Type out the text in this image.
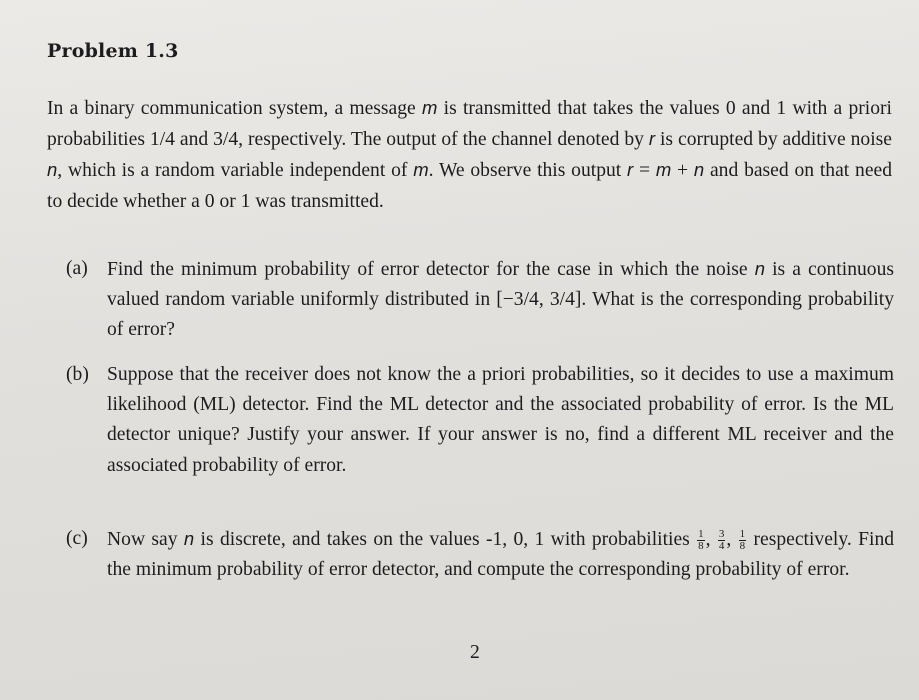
Problem 1.3
In a binary communication system, a message m is transmitted that takes the values 0 and 1 with a priori probabilities 1/4 and 3/4, respectively. The output of the channel denoted by r is corrupted by additive noise n, which is a random variable independent of m. We observe this output r = m + n and based on that need to decide whether a 0 or 1 was transmitted.
(a) Find the minimum probability of error detector for the case in which the noise n is a continuous valued random variable uniformly distributed in [−3/4, 3/4]. What is the corresponding probability of error?
(b) Suppose that the receiver does not know the a priori probabilities, so it decides to use a maximum likelihood (ML) detector. Find the ML detector and the associated probability of error. Is the ML detector unique? Justify your answer. If your answer is no, find a different ML receiver and the associated probability of error.
(c) Now say n is discrete, and takes on the values -1, 0, 1 with probabilities $\frac{1}{8}$ , $\frac{3}{4}$ , $\frac{1}{8}$ respectively. Find the minimum probability of error detector, and compute the corresponding probability of error.
2
